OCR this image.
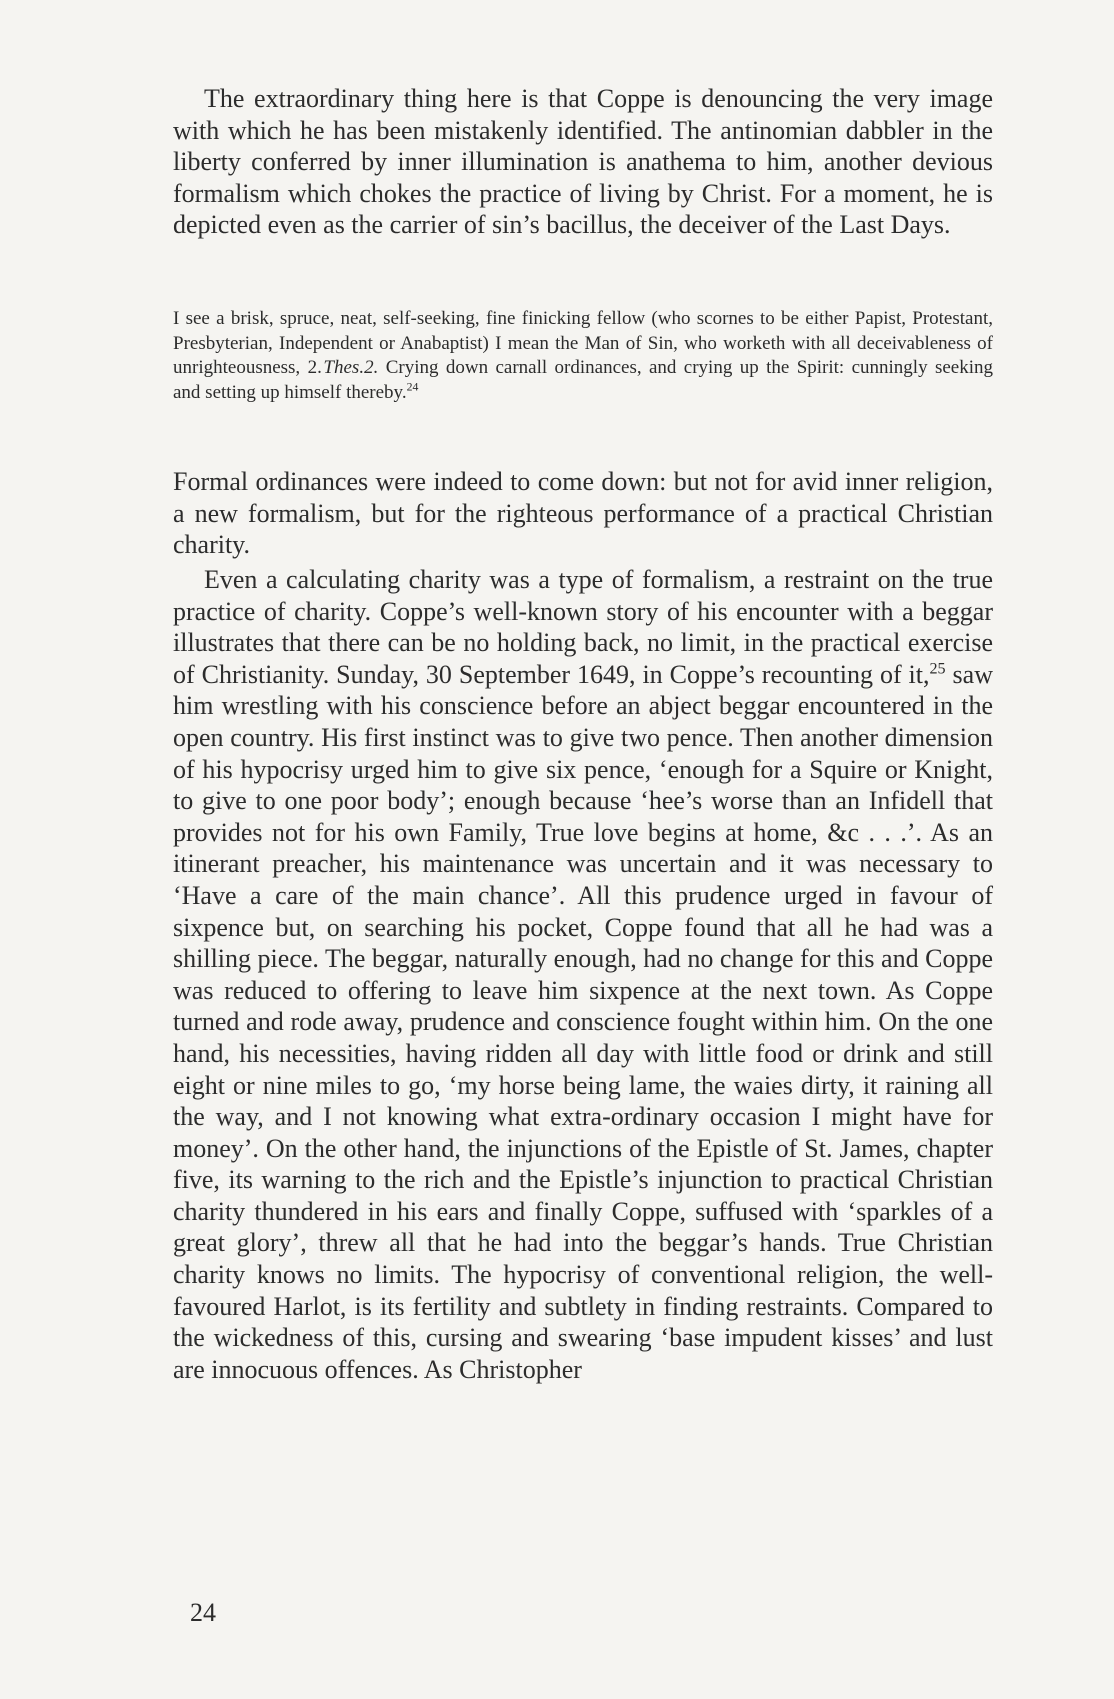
The extraordinary thing here is that Coppe is denouncing the very image with which he has been mistakenly identified. The antinomian dabbler in the liberty conferred by inner illumination is anathema to him, another devious formalism which chokes the practice of living by Christ. For a moment, he is depicted even as the carrier of sin’s bacillus, the deceiver of the Last Days.

I see a brisk, spruce, neat, self-seeking, fine finicking fellow (who scornes to be either Papist, Protestant, Presbyterian, Independent or Anabaptist) I mean the Man of Sin, who worketh with all deceivableness of unrighteousness, 2. Thes.2. Crying down carnall ordinances, and crying up the Spirit: cunningly seeking and setting up himself thereby.$^{24}$

Formal ordinances were indeed to come down: but not for avid inner religion, a new formalism, but for the righteous performance of a practical Christian charity.

Even a calculating charity was a type of formalism, a restraint on the true practice of charity. Coppe’s well-known story of his encounter with a beggar illustrates that there can be no holding back, no limit, in the practical exercise of Christianity. Sunday, 30 September 1649, in Coppe’s recounting of it,$^{25}$ saw him wrestling with his conscience before an abject beggar encountered in the open country. His first instinct was to give two pence. Then another dimension of his hypocrisy urged him to give six pence, ‘enough for a Squire or Knight, to give to one poor body’; enough because ‘hee’s worse than an Infidell that provides not for his own Family, True love begins at home, &c . . .’. As an itinerant preacher, his maintenance was uncertain and it was necessary to ‘Have a care of the main chance’. All this prudence urged in favour of sixpence but, on searching his pocket, Coppe found that all he had was a shilling piece. The beggar, naturally enough, had no change for this and Coppe was reduced to offering to leave him sixpence at the next town. As Coppe turned and rode away, prudence and conscience fought within him. On the one hand, his necessities, having ridden all day with little food or drink and still eight or nine miles to go, ‘my horse being lame, the waies dirty, it raining all the way, and I not knowing what extra-ordinary occasion I might have for money’. On the other hand, the injunctions of the Epistle of St. James, chapter five, its warning to the rich and the Epistle’s injunction to practical Christian charity thundered in his ears and finally Coppe, suffused with ‘sparkles of a great glory’, threw all that he had into the beggar’s hands. True Christian charity knows no limits. The hypocrisy of conventional religion, the well-favoured Harlot, is its fertility and subtlety in finding restraints. Compared to the wickedness of this, cursing and swearing ‘base impudent kisses’ and lust are innocuous offences. As Christopher

24
